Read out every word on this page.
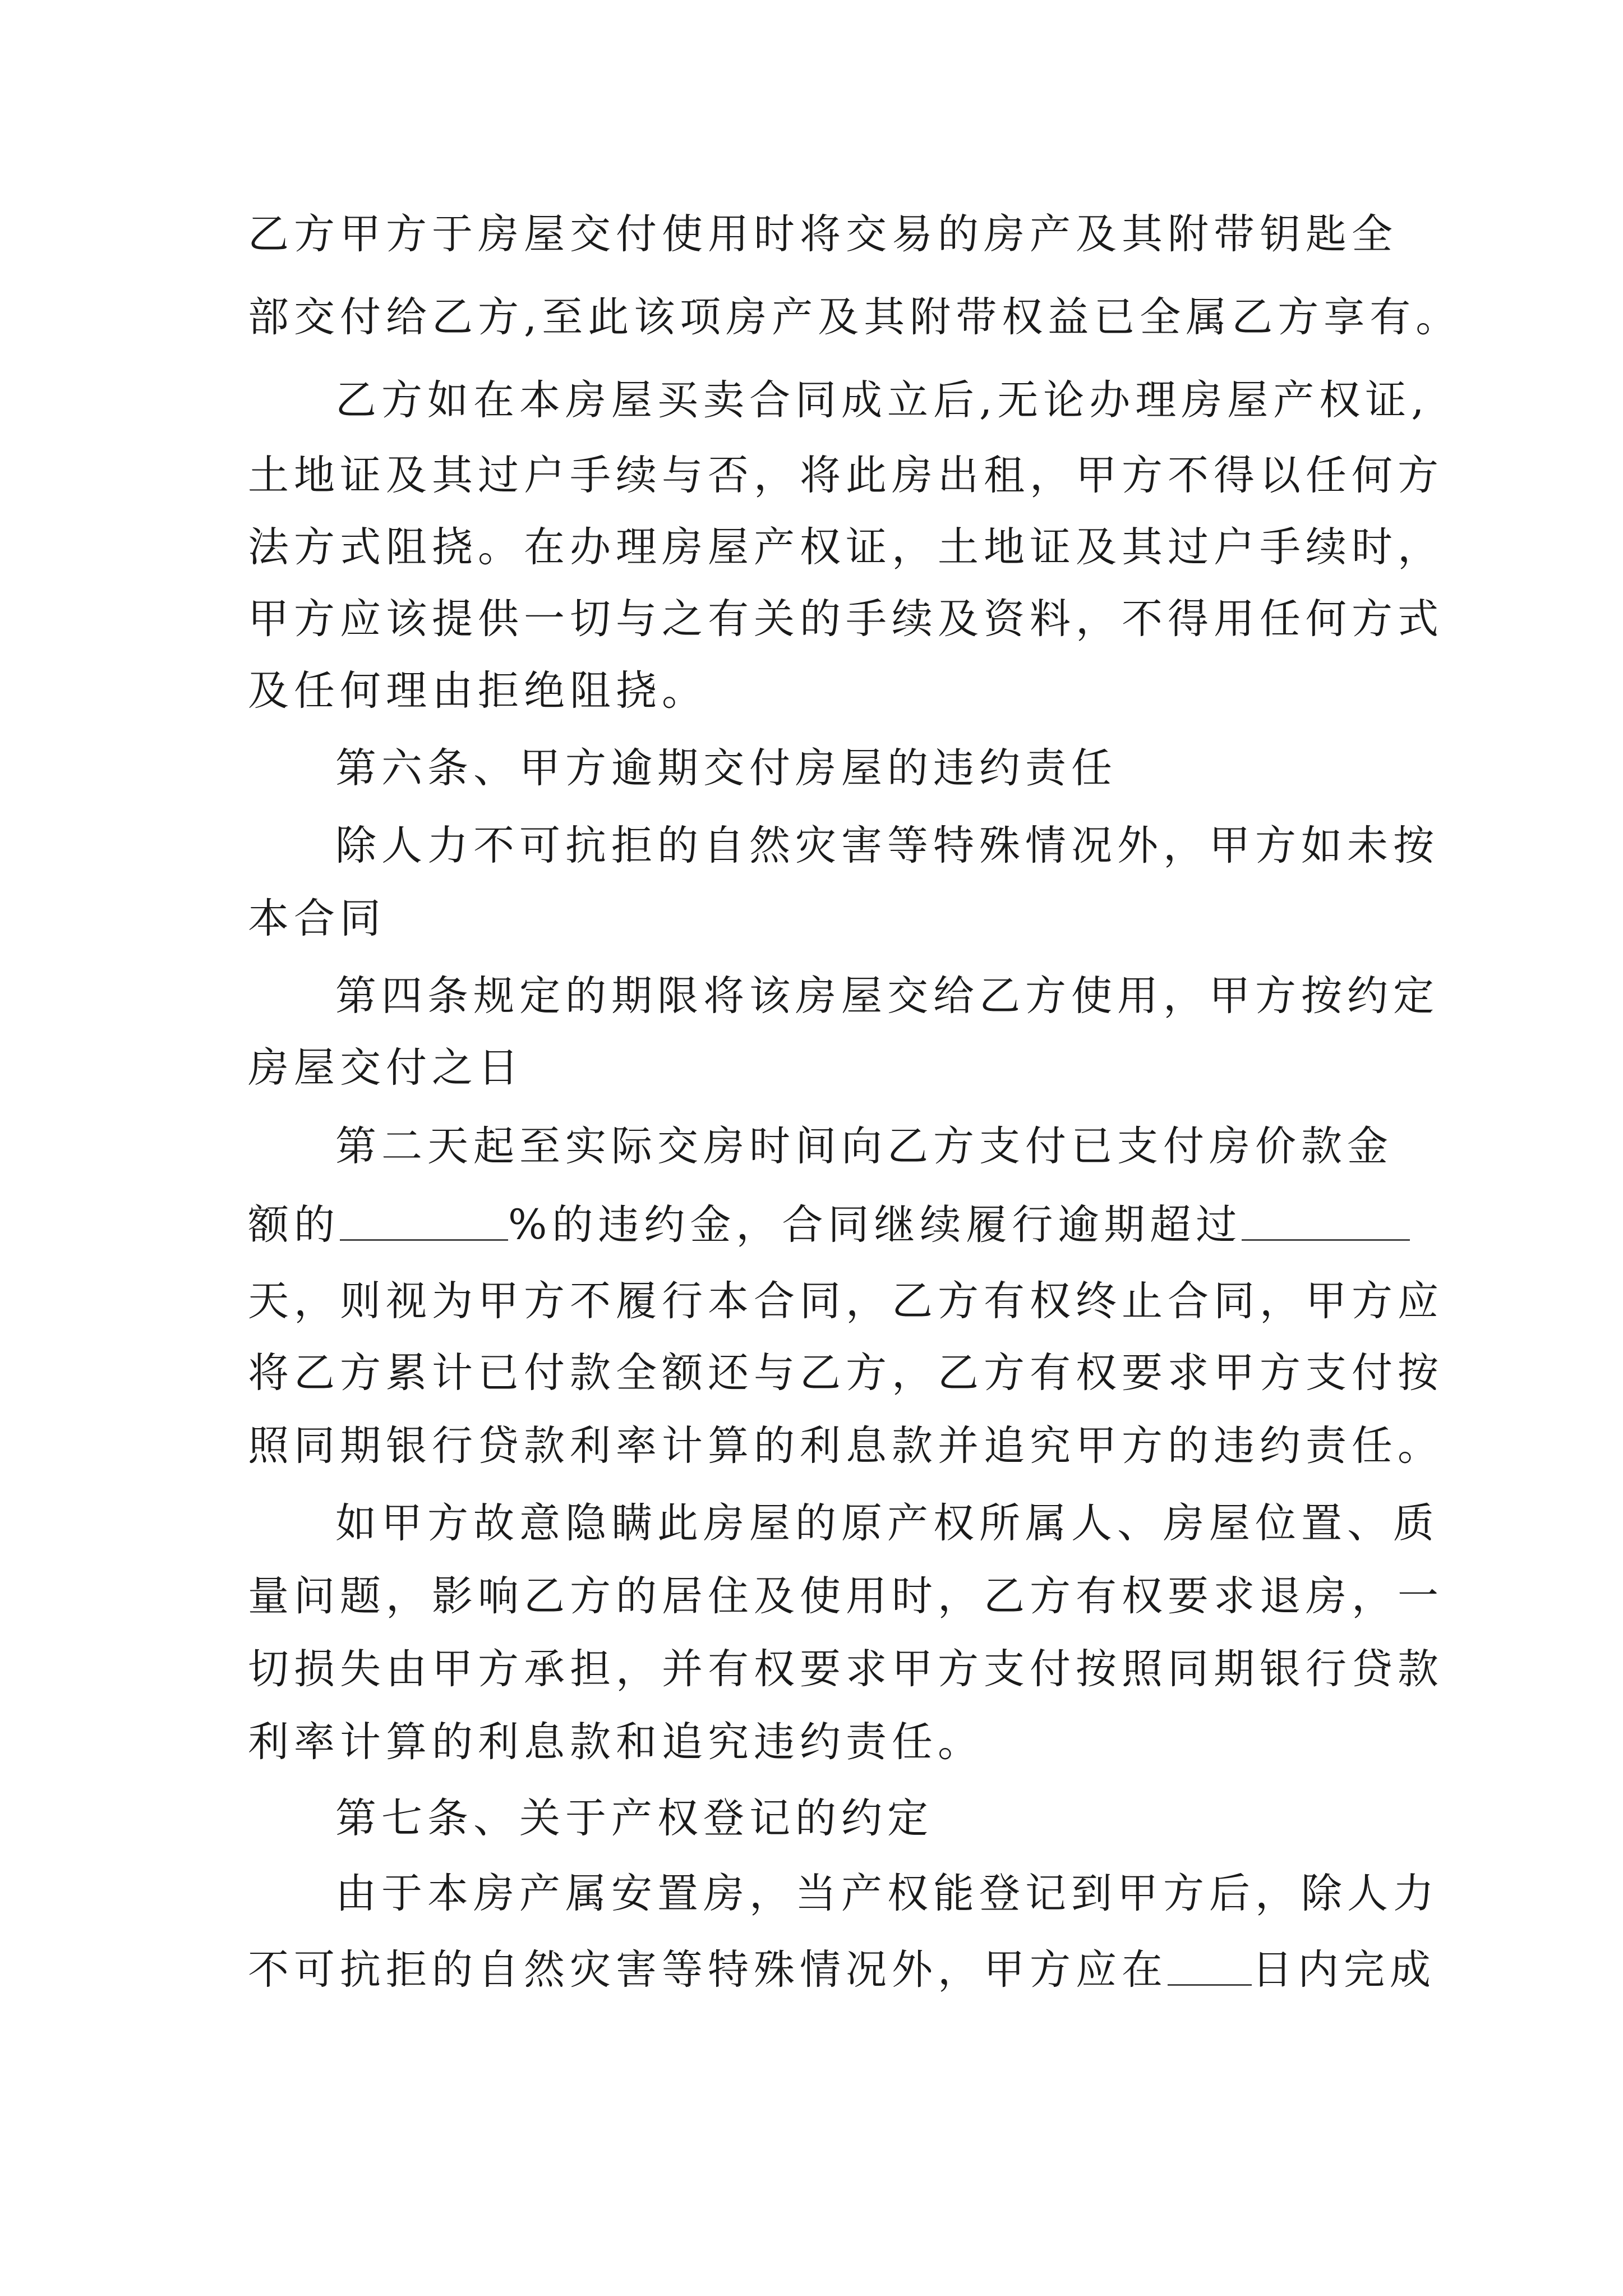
乙方甲方于房屋交付使用时将交易的房产及其附带钥匙全
部交付给乙方,至此该项房产及其附带权益已全属乙方享有。
乙方如在本房屋买卖合同成立后,无论办理房屋产权证,
土地证及其过户手续与否，将此房出租，甲方不得以任何方
法方式阻挠。在办理房屋产权证，土地证及其过户手续时，
甲方应该提供一切与之有关的手续及资料，不得用任何方式
及任何理由拒绝阻挠。
第六条、甲方逾期交付房屋的违约责任
除人力不可抗拒的自然灾害等特殊情况外，甲方如未按
本合同
第四条规定的期限将该房屋交给乙方使用，甲方按约定
房屋交付之日
第二天起至实际交房时间向乙方支付已支付房价款金
额的	%的违约金，合同继续履行逾期超过
天，则视为甲方不履行本合同，乙方有权终止合同，甲方应
将乙方累计已付款全额还与乙方，乙方有权要求甲方支付按
照同期银行贷款利率计算的利息款并追究甲方的违约责任。
如甲方故意隐瞒此房屋的原产权所属人、房屋位置、质
量问题，影响乙方的居住及使用时，乙方有权要求退房，一
切损失由甲方承担，并有权要求甲方支付按照同期银行贷款
利率计算的利息款和追究违约责任。
第七条、关于产权登记的约定
由于本房产属安置房，当产权能登记到甲方后，除人力
不可抗拒的自然灾害等特殊情况外，甲方应在 日内完成
